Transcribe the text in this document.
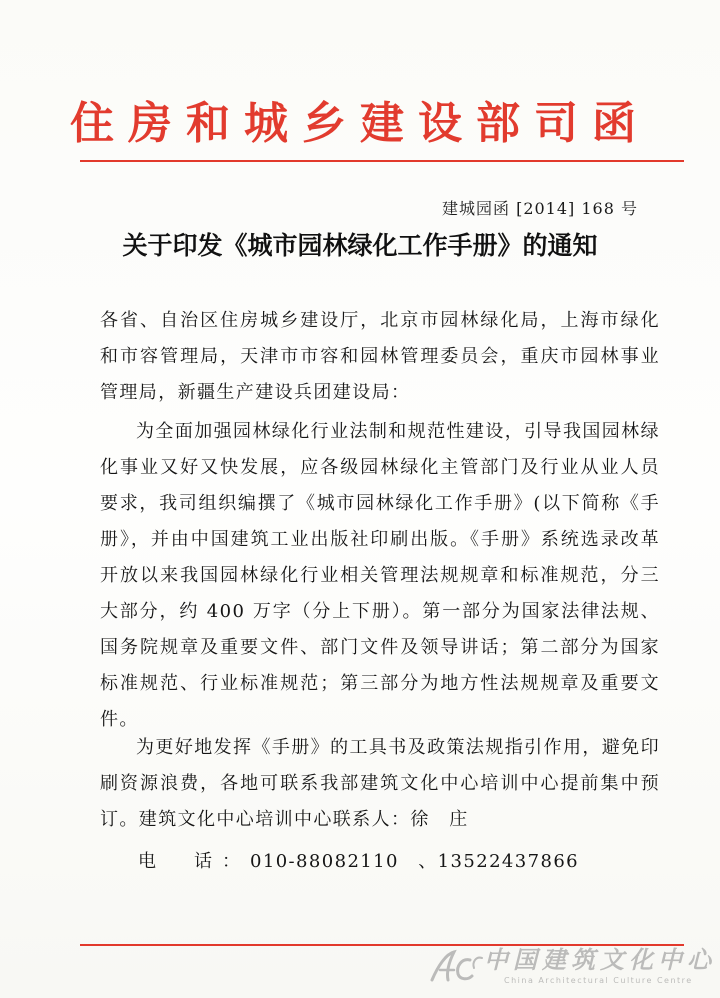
住房和城乡建设部司函
建城园函 [2014] 168 号
关于印发《城市园林绿化工作手册》的通知
各省、自治区住房城乡建设厅，北京市园林绿化局，上海市绿化和市容管理局，天津市市容和园林管理委员会，重庆市园林事业管理局，新疆生产建设兵团建设局：
为全面加强园林绿化行业法制和规范性建设，引导我国园林绿化事业又好又快发展，应各级园林绿化主管部门及行业从业人员要求，我司组织编撰了《城市园林绿化工作手册》(以下简称《手册》，并由中国建筑工业出版社印刷出版。《手册》系统选录改革开放以来我国园林绿化行业相关管理法规规章和标准规范，分三大部分，约 400 万字（分上下册）。第一部分为国家法律法规、国务院规章及重要文件、部门文件及领导讲话；第二部分为国家标准规范、行业标准规范；第三部分为地方性法规规章及重要文件。
为更好地发挥《手册》的工具书及政策法规指引作用，避免印刷资源浪费，各地可联系我部建筑文化中心培训中心提前集中预订。建筑文化中心培训中心联系人：徐　庄
电　话：010-88082110　、13522437866
中国建筑文化中心
China Architectural Culture Centre
